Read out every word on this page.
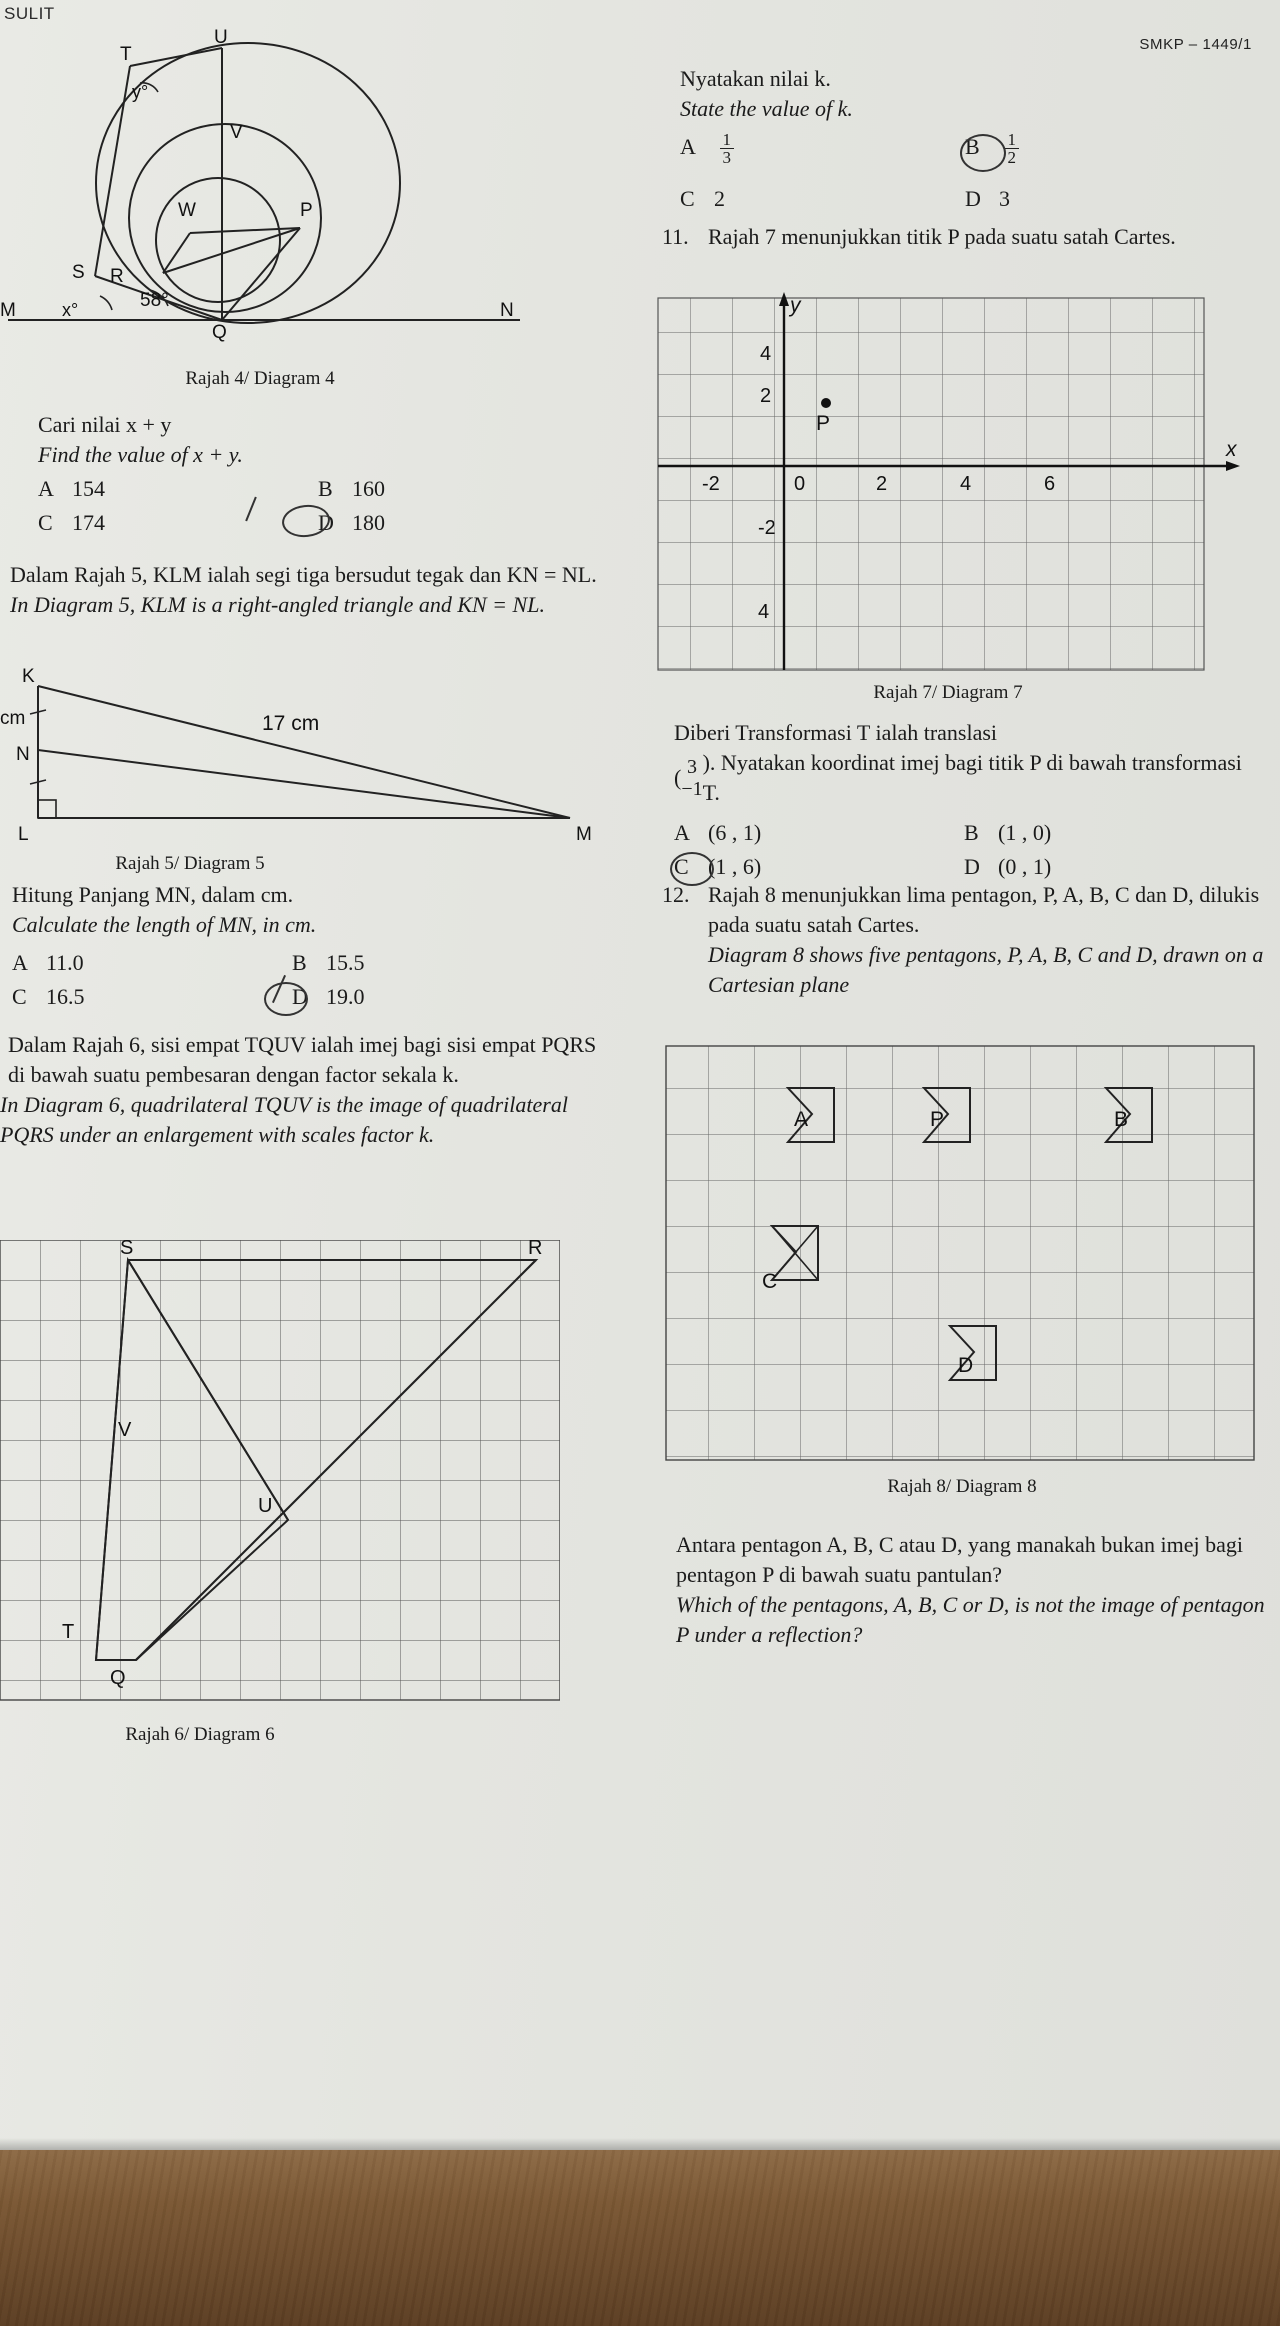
SULIT
SMKP – 1449/1
T
U
V
W	P
S R
58°
y°
x°
M
Q
N
Rajah 4/ Diagram 4
Cari nilai x + y
Find the value of x + y.
A 154	B 160
C 174	D 180
Dalam Rajah 5, KLM ialah segi tiga bersudut tegak dan KN = NL.
In Diagram 5, KLM is a right-angled triangle and KN = NL.
K
N
L	M
17 cm
cm
Rajah 5/ Diagram 5
Hitung Panjang MN, dalam cm.
Calculate the length of MN, in cm.
A 11.0	B 15.5
C 16.5	D 19.0
Dalam Rajah 6, sisi empat TQUV ialah imej bagi sisi empat PQRS di bawah suatu pembesaran dengan factor sekala k.
In Diagram 6, quadrilateral TQUV is the image of quadrilateral PQRS under an enlargement with scales factor k.
S	R
V
U
T
Q
Rajah 6/ Diagram 6
Nyatakan nilai k.
State the value of k.
A $\frac{1}{3}$	B $\frac{1}{2}$
C 2	D 3
11. Rajah 7 menunjukkan titik P pada suatu satah Cartes.
y
x
4
2
-2
4
-2	0	2	4	6
P
Rajah 7/ Diagram 7
Diberi Transformasi T ialah translasi
( 3
−1
). Nyatakan koordinat imej bagi titik P di bawah transformasi T.
A (6 , 1)	B (1 , 0)
C (1 , 6)	D (0 , 1)
12. Rajah 8 menunjukkan lima pentagon, P, A, B, C dan D, dilukis pada suatu satah Cartes.
Diagram 8 shows five pentagons, P, A, B, C and D, drawn on a Cartesian plane
A	P	B
C
D
Rajah 8/ Diagram 8
Antara pentagon A, B, C atau D, yang manakah bukan imej bagi pentagon P di bawah suatu pantulan?
Which of the pentagons, A, B, C or D, is not the image of pentagon P under a reflection?
